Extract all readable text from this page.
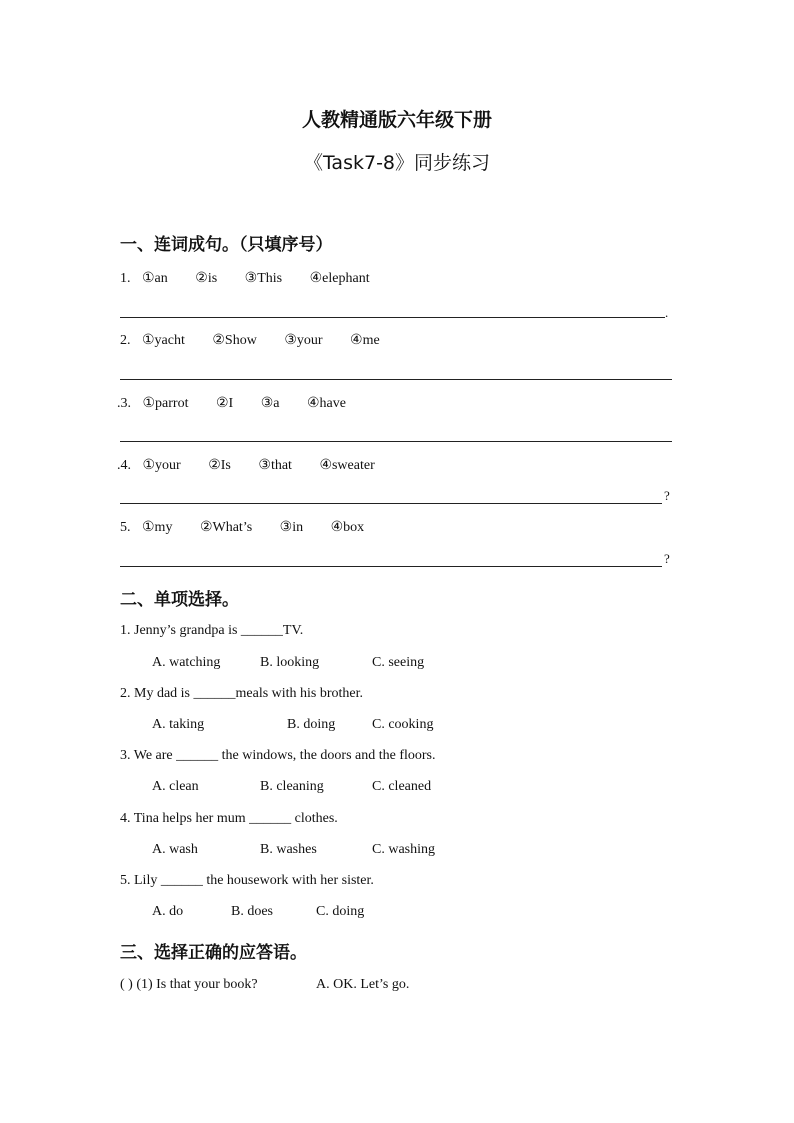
人教精通版六年级下册
《Task7-8》同步练习
一、连词成句。（只填序号）
1. ①an ②is ③This ④elephant
.
2. ①yacht ②Show ③your ④me
.3. ①parrot ②I ③a ④have
.4. ①your ②Is ③that ④sweater
?
5. ①my ②What’s ③in ④box
?
二、单项选择。
1. Jenny’s grandpa is ______TV.
A. watching	B. looking	C. seeing
2. My dad is ______meals with his brother.
A. taking	B. doing	C. cooking
3. We are ______ the windows, the doors and the floors.
A. clean	B. cleaning	C. cleaned
4. Tina helps her mum ______ clothes.
A. wash	B. washes	C. washing
5. Lily ______ the housework with her sister.
A. do	B. does	C. doing
三、选择正确的应答语。
( ) (1) Is that your book?	A. OK. Let’s go.
